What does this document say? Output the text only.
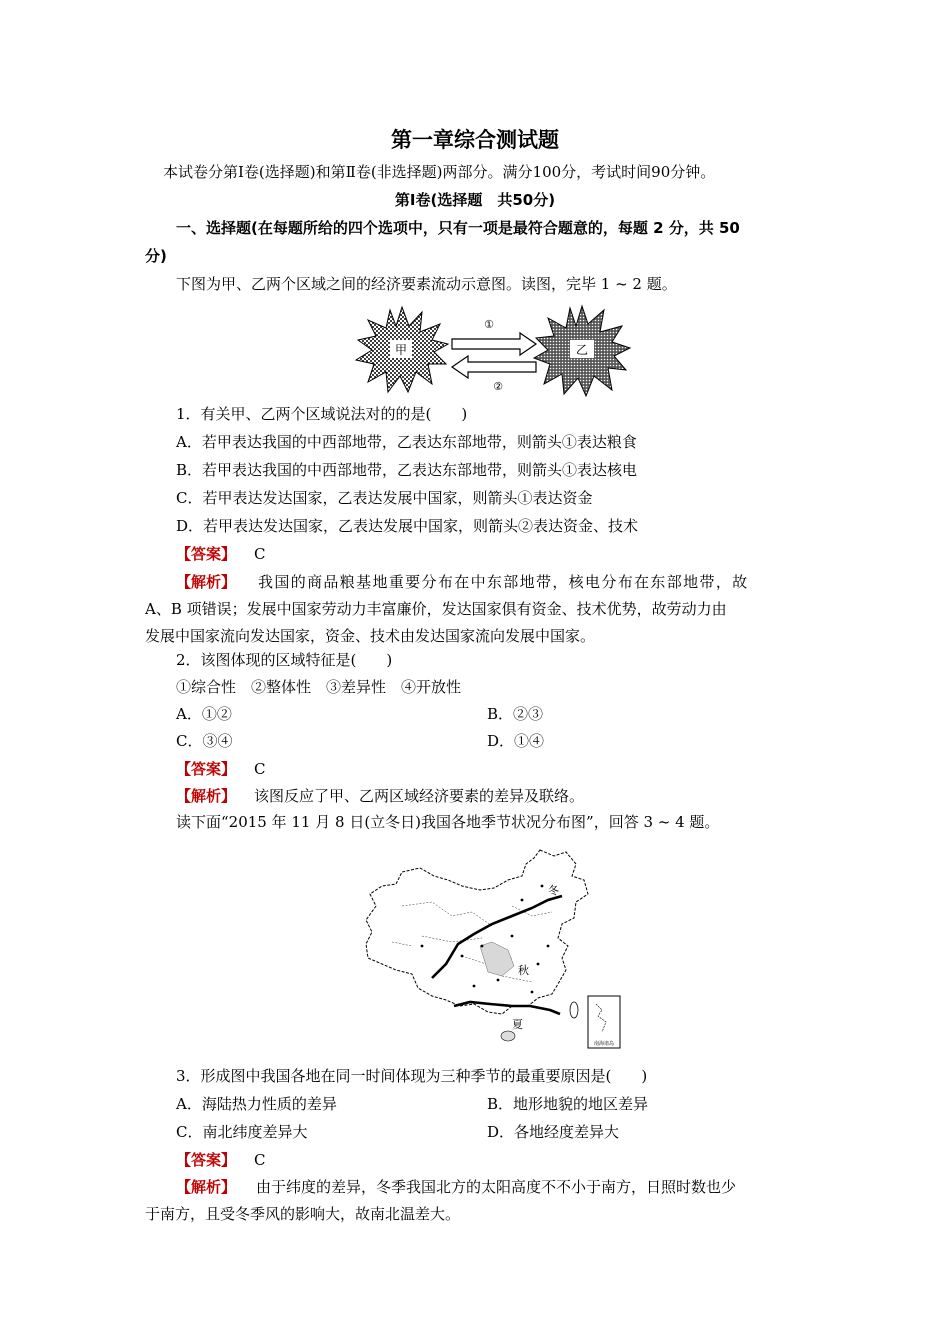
第一章综合测试题
本试卷分第Ⅰ卷(选择题)和第Ⅱ卷(非选择题)两部分。满分100分，考试时间90分钟。
第Ⅰ卷(选择题　共50分)
一、选择题(在每题所给的四个选项中，只有一项是最符合题意的，每题 2 分，共 50
分)
下图为甲、乙两个区域之间的经济要素流动示意图。读图，完毕 1 ~ 2 题。
甲	乙
①
②
1．有关甲、乙两个区域说法对的的是(　　)
A．若甲表达我国的中西部地带，乙表达东部地带，则箭头①表达粮食
B．若甲表达我国的中西部地带，乙表达东部地带，则箭头①表达核电
C．若甲表达发达国家，乙表达发展中国家，则箭头①表达资金
D．若甲表达发达国家，乙表达发展中国家，则箭头②表达资金、技术
【答案】 C
【解析】 我国的商品粮基地重要分布在中东部地带，核电分布在东部地带，故
A、B 项错误；发展中国家劳动力丰富廉价，发达国家俱有资金、技术优势，故劳动力由
发展中国家流向发达国家，资金、技术由发达国家流向发展中国家。
2．该图体现的区域特征是(　　)
①综合性　②整体性　③差异性　④开放性
A．①②	B．②③
C．③④	D．①④
【答案】 C
【解析】 该图反应了甲、乙两区域经济要素的差异及联络。
读下面“2015 年 11 月 8 日(立冬日)我国各地季节状况分布图”，回答 3 ~ 4 题。
冬
秋
夏
南海诸岛
3．形成图中我国各地在同一时间体现为三种季节的最重要原因是(　　)
A．海陆热力性质的差异	B．地形地貌的地区差异
C．南北纬度差异大	D．各地经度差异大
【答案】 C
【解析】 由于纬度的差异，冬季我国北方的太阳高度不不小于南方，日照时数也少
于南方，且受冬季风的影响大，故南北温差大。
